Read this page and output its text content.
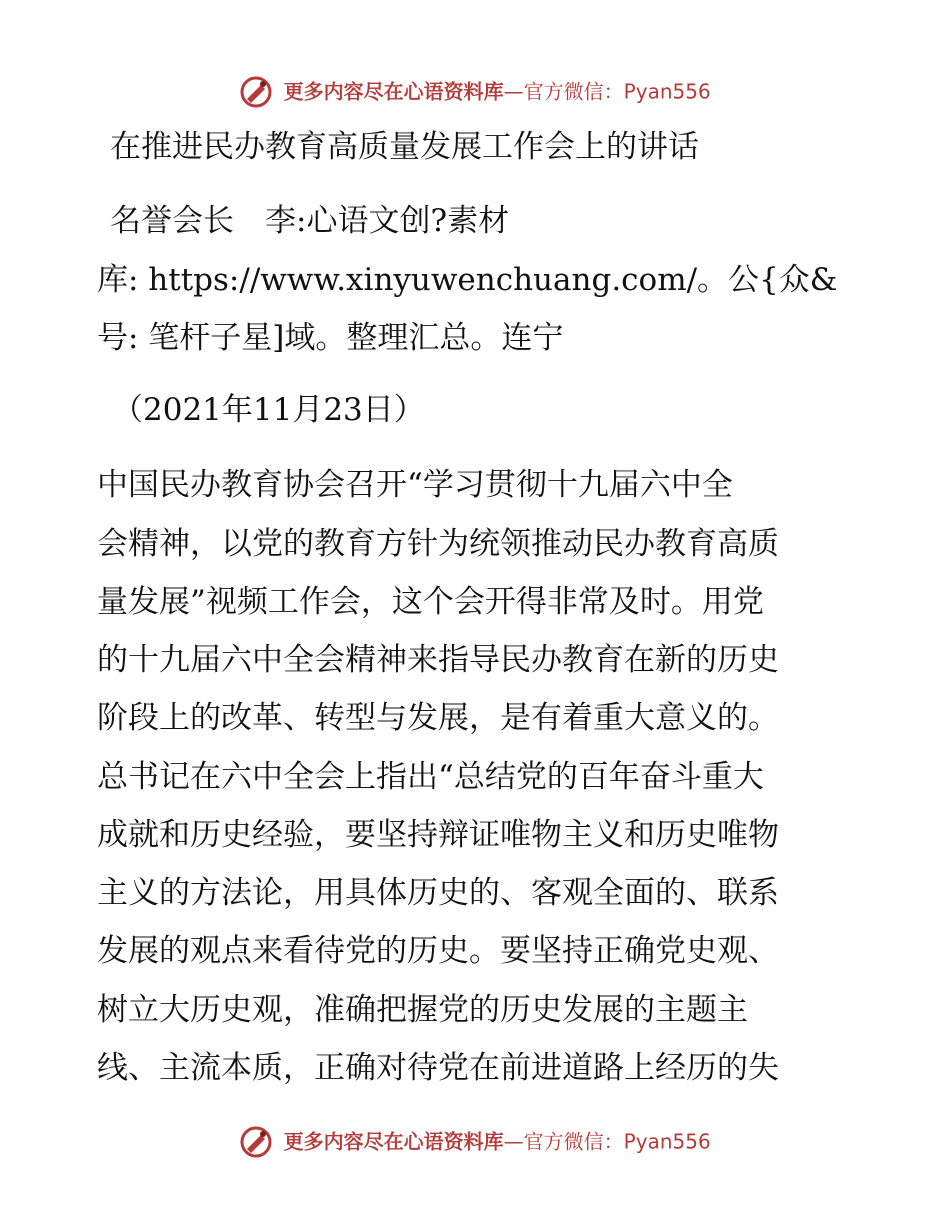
更多内容尽在心语资料库—官方微信：Pyan556
在推进民办教育高质量发展工作会上的讲话
名誉会长　李:心语文创?素材
库: https://www.xinyuwenchuang.com/。公{众&
号: 笔杆子星]域。整理汇总。连宁
（2021年11月23日）
中国民办教育协会召开“学习贯彻十九届六中全
会精神，以党的教育方针为统领推动民办教育高质
量发展”视频工作会，这个会开得非常及时。用党
的十九届六中全会精神来指导民办教育在新的历史
阶段上的改革、转型与发展，是有着重大意义的。
总书记在六中全会上指出“总结党的百年奋斗重大
成就和历史经验，要坚持辩证唯物主义和历史唯物
主义的方法论，用具体历史的、客观全面的、联系
发展的观点来看待党的历史。要坚持正确党史观、
树立大历史观，准确把握党的历史发展的主题主
线、主流本质，正确对待党在前进道路上经历的失
更多内容尽在心语资料库—官方微信：Pyan556
